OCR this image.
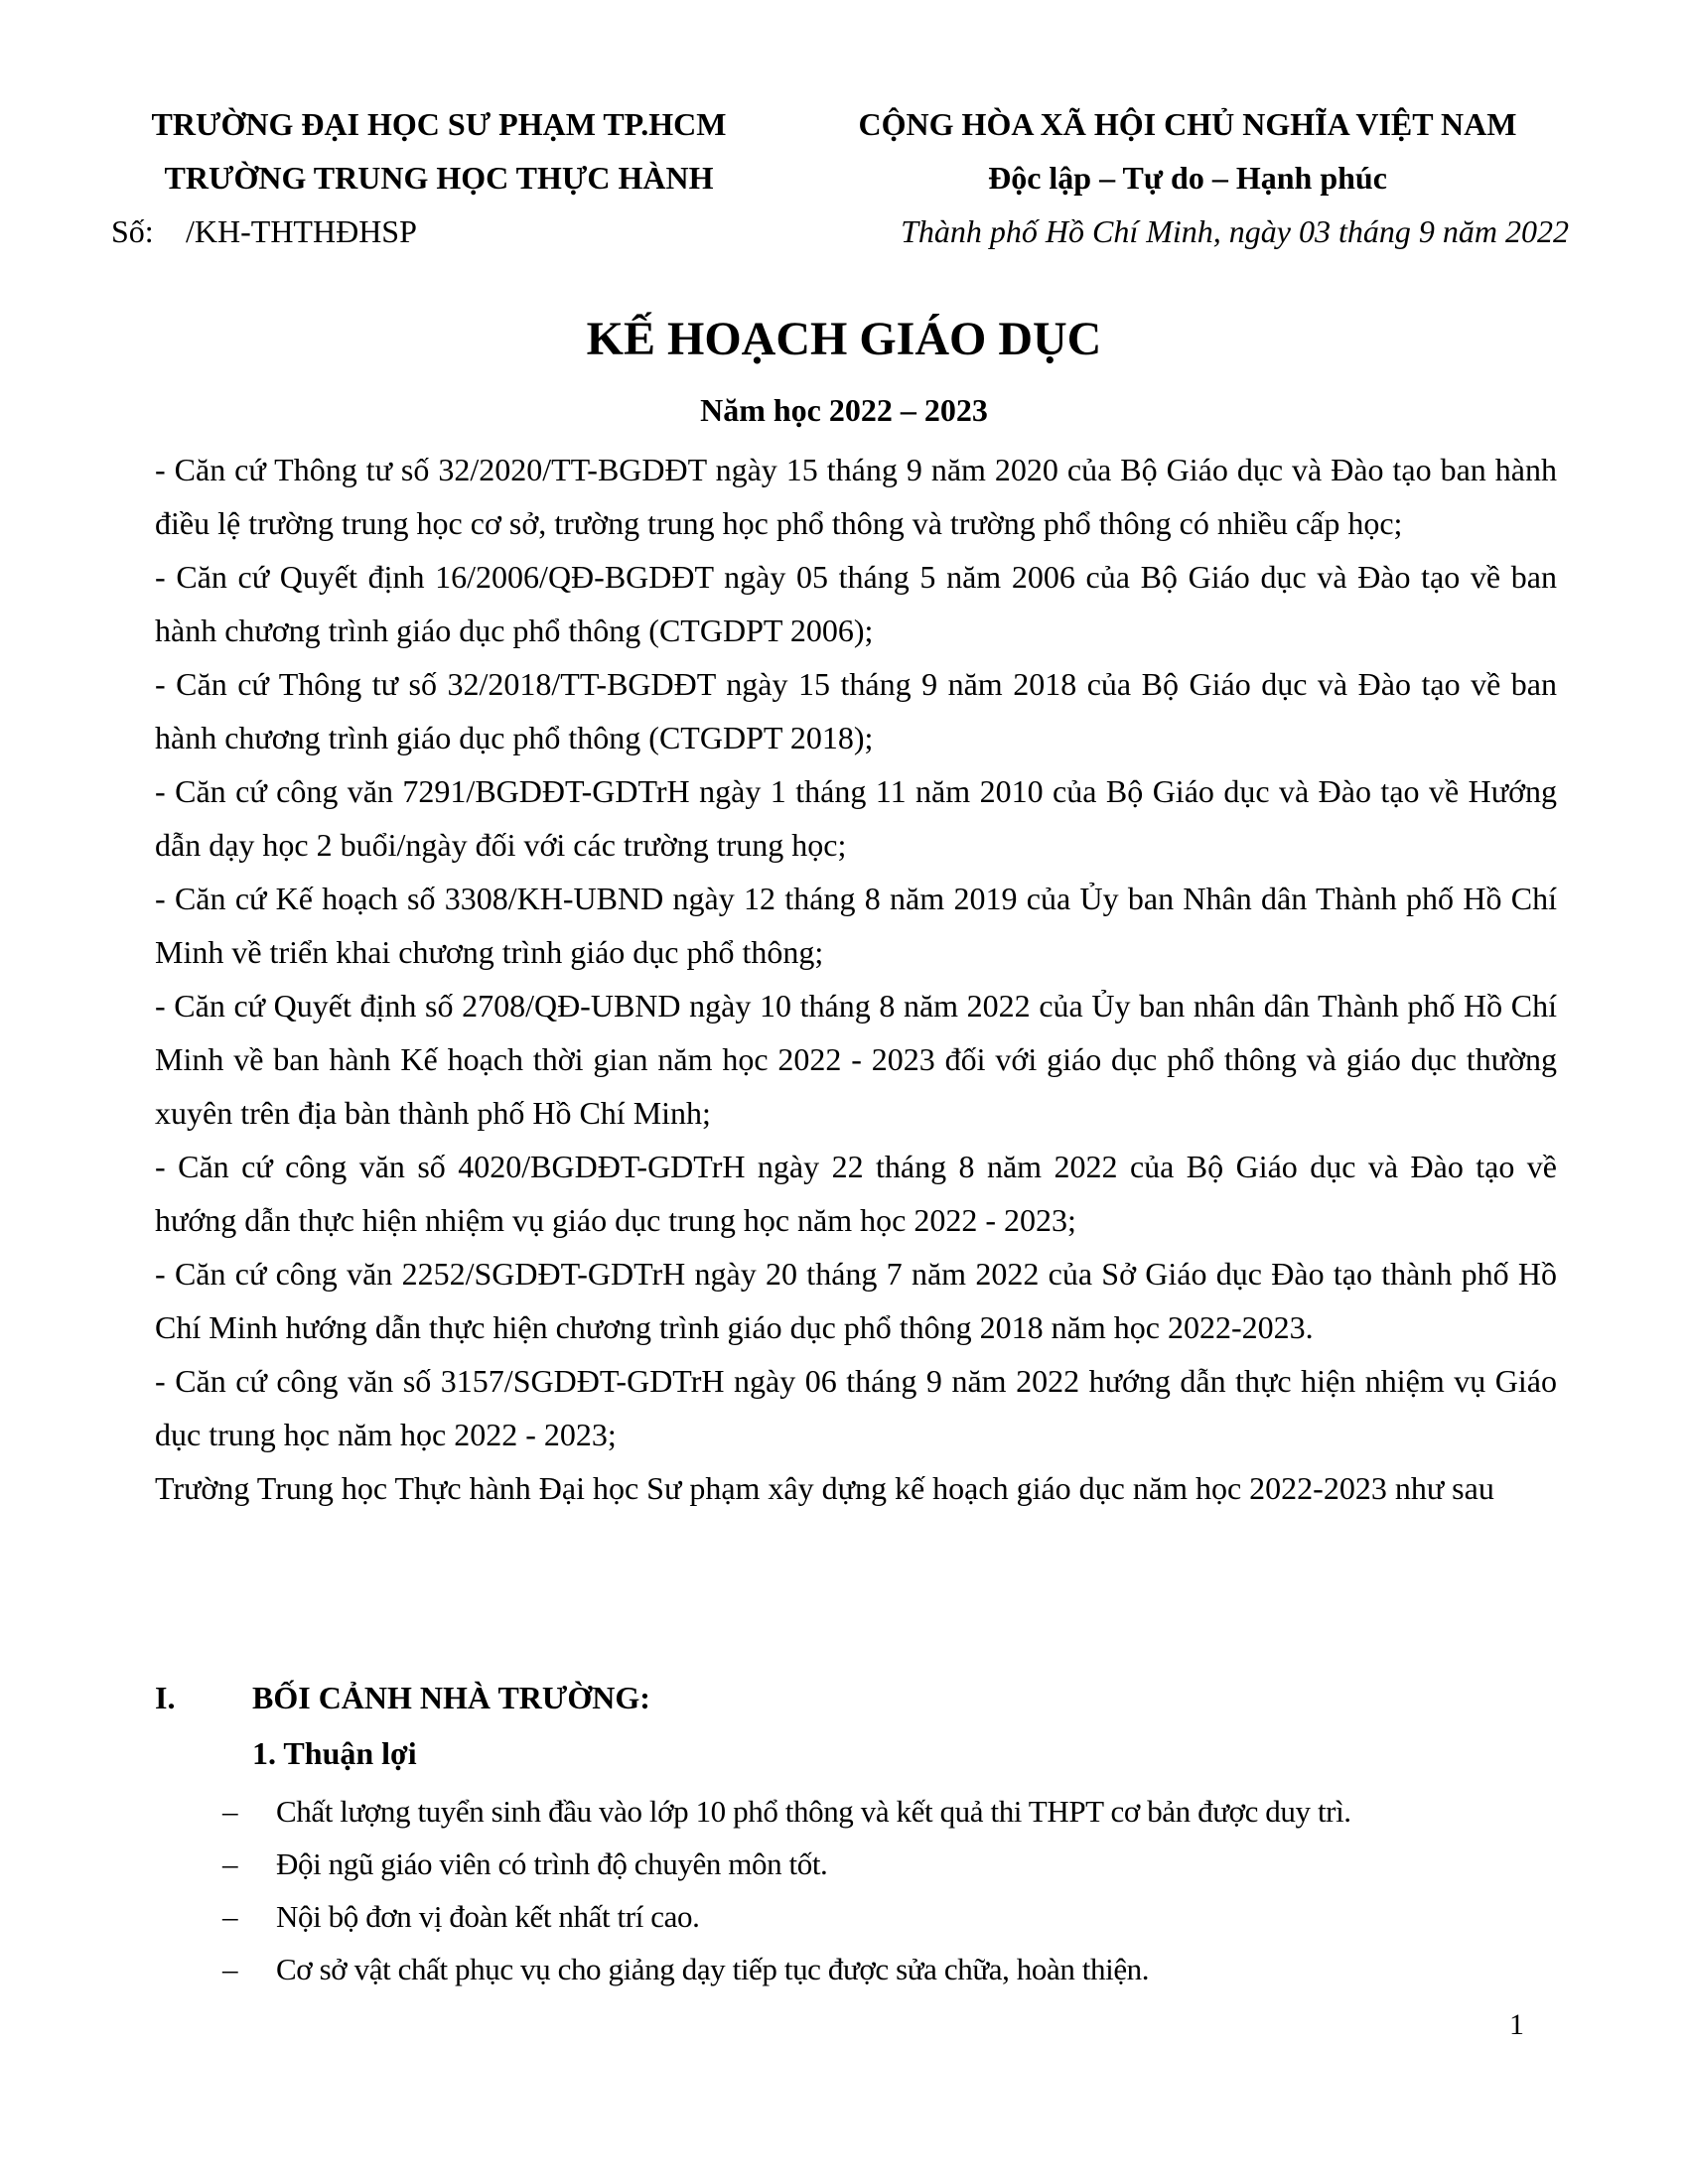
TRƯỜNG ĐẠI HỌC SƯ PHẠM TP.HCM
TRƯỜNG TRUNG HỌC THỰC HÀNH
Số: /KH-THTHĐHSP
CỘNG HÒA XÃ HỘI CHỦ NGHĨA VIỆT NAM
Độc lập – Tự do – Hạnh phúc
Thành phố Hồ Chí Minh, ngày 03 tháng 9 năm 2022
KẾ HOẠCH GIÁO DỤC
Năm học 2022 – 2023

- Căn cứ Thông tư số 32/2020/TT-BGDĐT ngày 15 tháng 9 năm 2020 của Bộ Giáo dục và Đào tạo ban hành điều lệ trường trung học cơ sở, trường trung học phổ thông và trường phổ thông có nhiều cấp học;

- Căn cứ Quyết định 16/2006/QĐ-BGDĐT ngày 05 tháng 5 năm 2006 của Bộ Giáo dục và Đào tạo về ban hành chương trình giáo dục phổ thông (CTGDPT 2006);

- Căn cứ Thông tư số 32/2018/TT-BGDĐT ngày 15 tháng 9 năm 2018 của Bộ Giáo dục và Đào tạo về ban hành chương trình giáo dục phổ thông (CTGDPT 2018);

- Căn cứ công văn 7291/BGDĐT-GDTrH ngày 1 tháng 11 năm 2010 của Bộ Giáo dục và Đào tạo về Hướng dẫn dạy học 2 buổi/ngày đối với các trường trung học;

- Căn cứ Kế hoạch số 3308/KH-UBND ngày 12 tháng 8 năm 2019 của Ủy ban Nhân dân Thành phố Hồ Chí Minh về triển khai chương trình giáo dục phổ thông;

- Căn cứ Quyết định số 2708/QĐ-UBND ngày 10 tháng 8 năm 2022 của Ủy ban nhân dân Thành phố Hồ Chí Minh về ban hành Kế hoạch thời gian năm học 2022 - 2023 đối với giáo dục phổ thông và giáo dục thường xuyên trên địa bàn thành phố Hồ Chí Minh;

- Căn cứ công văn số 4020/BGDĐT-GDTrH ngày 22 tháng 8 năm 2022 của Bộ Giáo dục và Đào tạo về hướng dẫn thực hiện nhiệm vụ giáo dục trung học năm học 2022 - 2023;

- Căn cứ công văn 2252/SGDĐT-GDTrH ngày 20 tháng 7 năm 2022 của Sở Giáo dục Đào tạo thành phố Hồ Chí Minh hướng dẫn thực hiện chương trình giáo dục phổ thông 2018 năm học 2022-2023.

- Căn cứ công văn số 3157/SGDĐT-GDTrH ngày 06 tháng 9 năm 2022 hướng dẫn thực hiện nhiệm vụ Giáo dục trung học năm học 2022 - 2023;

Trường Trung học Thực hành Đại học Sư phạm xây dựng kế hoạch giáo dục năm học 2022-2023 như sau

I. BỐI CẢNH NHÀ TRƯỜNG:
1. Thuận lợi
– Chất lượng tuyển sinh đầu vào lớp 10 phổ thông và kết quả thi THPT cơ bản được duy trì.
– Đội ngũ giáo viên có trình độ chuyên môn tốt.
– Nội bộ đơn vị đoàn kết nhất trí cao.
– Cơ sở vật chất phục vụ cho giảng dạy tiếp tục được sửa chữa, hoàn thiện.
1
